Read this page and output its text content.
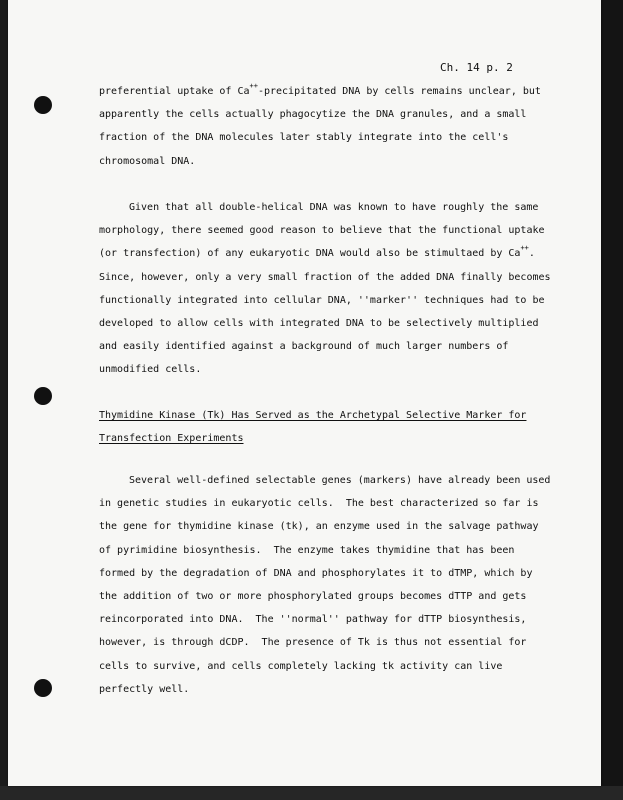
Ch. 14 p. 2
preferential uptake of Ca++-precipitated DNA by cells remains unclear, but
apparently the cells actually phagocytize the DNA granules, and a small
fraction of the DNA molecules later stably integrate into the cell's
chromosomal DNA.
Given that all double-helical DNA was known to have roughly the same
morphology, there seemed good reason to believe that the functional uptake
(or transfection) of any eukaryotic DNA would also be stimultaed by Ca++.
Since, however, only a very small fraction of the added DNA finally becomes
functionally integrated into cellular DNA, ''marker'' techniques had to be
developed to allow cells with integrated DNA to be selectively multiplied
and easily identified against a background of much larger numbers of
unmodified cells.
Thymidine Kinase (Tk) Has Served as the Archetypal Selective Marker for
Transfection Experiments
Several well-defined selectable genes (markers) have already been used
in genetic studies in eukaryotic cells.  The best characterized so far is
the gene for thymidine kinase (tk), an enzyme used in the salvage pathway
of pyrimidine biosynthesis.  The enzyme takes thymidine that has been
formed by the degradation of DNA and phosphorylates it to dTMP, which by
the addition of two or more phosphorylated groups becomes dTTP and gets
reincorporated into DNA.  The ''normal'' pathway for dTTP biosynthesis,
however, is through dCDP.  The presence of Tk is thus not essential for
cells to survive, and cells completely lacking tk activity can live
perfectly well.
